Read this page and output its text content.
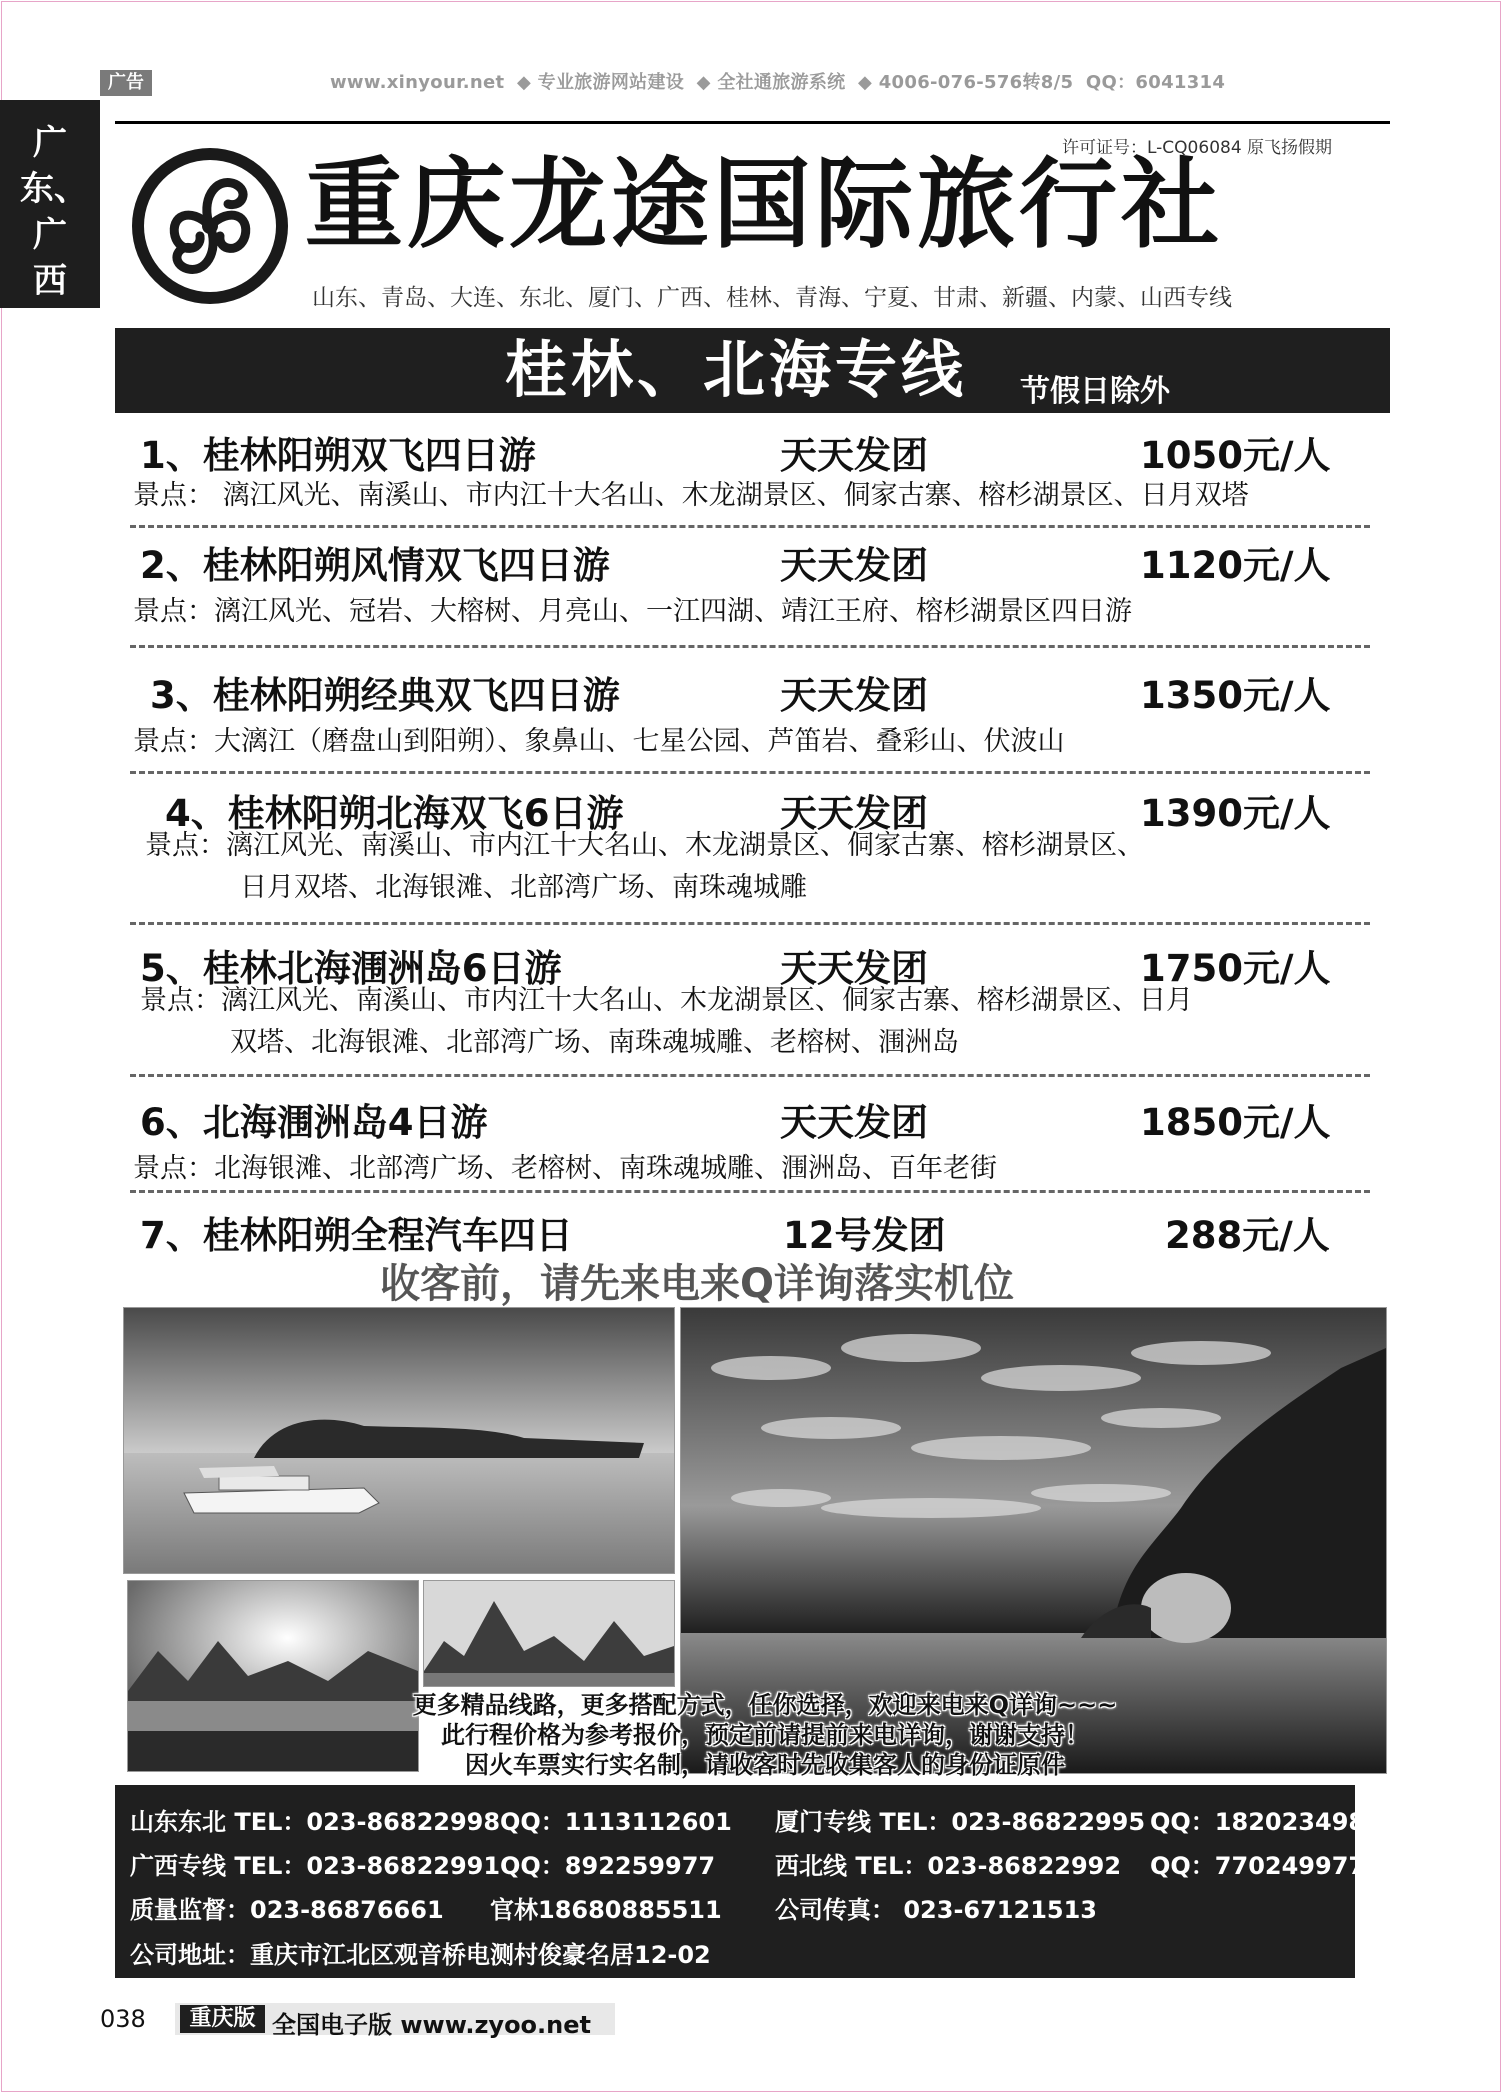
广告	www.xinyour.net ◆ 专业旅游网站建设 ◆ 全社通旅游系统 ◆ 4006-076-576转8/5 QQ：6041314
广东、广西
许可证号：L-CQ06084 原飞扬假期
重庆龙途国际旅行社
山东、青岛、大连、东北、厦门、广西、桂林、青海、宁夏、甘肃、新疆、内蒙、山西专线
桂林、北海专线 节假日除外
1、桂林阳朔双飞四日游	天天发团	1050元/人
景点： 漓江风光、南溪山、市内江十大名山、木龙湖景区、侗家古寨、榕杉湖景区、日月双塔
2、桂林阳朔风情双飞四日游	天天发团	1120元/人
景点：漓江风光、冠岩、大榕树、月亮山、一江四湖、靖江王府、榕杉湖景区四日游
3、桂林阳朔经典双飞四日游	天天发团	1350元/人
景点：大漓江（磨盘山到阳朔）、象鼻山、七星公园、芦笛岩、叠彩山、伏波山
4、桂林阳朔北海双飞6日游	天天发团	1390元/人
景点：漓江风光、南溪山、市内江十大名山、木龙湖景区、侗家古寨、榕杉湖景区、
日月双塔、北海银滩、北部湾广场、南珠魂城雕
5、桂林北海涠洲岛6日游	天天发团	1750元/人
景点：漓江风光、南溪山、市内江十大名山、木龙湖景区、侗家古寨、榕杉湖景区、日月
双塔、北海银滩、北部湾广场、南珠魂城雕、老榕树、涠洲岛
6、北海涠洲岛4日游	天天发团	1850元/人
景点：北海银滩、北部湾广场、老榕树、南珠魂城雕、涠洲岛、百年老街
7、桂林阳朔全程汽车四日	12号发团	288元/人
收客前，请先来电来Q详询落实机位
更多精品线路，更多搭配方式，任你选择，欢迎来电来Q详询~~~
此行程价格为参考报价，预定前请提前来电详询，谢谢支持！
因火车票实行实名制，请收客时先收集客人的身份证原件
山东东北 TEL：023-86822998 QQ：1113112601 厦门专线 TEL：023-86822995 QQ：18202349871
广西专线 TEL：023-86822991 QQ：892259977 西北线 TEL：023-86822992 QQ：770249977
质量监督：023-86876661 官林18680885511 公司传真： 023-67121513
公司地址：重庆市江北区观音桥电测村俊豪名居12-02
038	重庆版 全国电子版 www.zyoo.net
